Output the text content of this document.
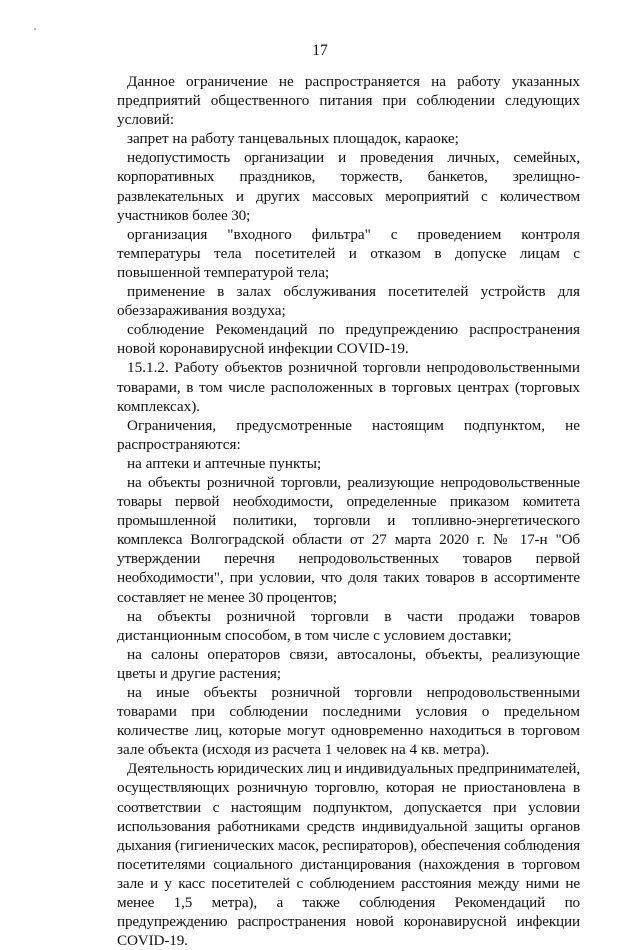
17

Данное ограничение не распространяется на работу указанных предприятий общественного питания при соблюдении следующих условий:

запрет на работу танцевальных площадок, караоке;

недопустимость организации и проведения личных, семейных, корпоративных праздников, торжеств, банкетов, зрелищно-развлекательных и других массовых мероприятий с количеством участников более 30;

организация "входного фильтра" с проведением контроля температуры тела посетителей и отказом в допуске лицам с повышенной температурой тела;

применение в залах обслуживания посетителей устройств для обеззараживания воздуха;

соблюдение Рекомендаций по предупреждению распространения новой коронавирусной инфекции COVID-19.

15.1.2. Работу объектов розничной торговли непродовольственными товарами, в том числе расположенных в торговых центрах (торговых комплексах).

Ограничения, предусмотренные настоящим подпунктом, не распространяются:

на аптеки и аптечные пункты;

на объекты розничной торговли, реализующие непродовольственные товары первой необходимости, определенные приказом комитета промышленной политики, торговли и топливно-энергетического комплекса Волгоградской области от 27 марта 2020 г. № 17-н "Об утверждении перечня непродовольственных товаров первой необходимости", при условии, что доля таких товаров в ассортименте составляет не менее 30 процентов;

на объекты розничной торговли в части продажи товаров дистанционным способом, в том числе с условием доставки;

на салоны операторов связи, автосалоны, объекты, реализующие цветы и другие растения;

на иные объекты розничной торговли непродовольственными товарами при соблюдении последними условия о предельном количестве лиц, которые могут одновременно находиться в торговом зале объекта (исходя из расчета 1 человек на 4 кв. метра).

Деятельность юридических лиц и индивидуальных предпринимателей, осуществляющих розничную торговлю, которая не приостановлена в соответствии с настоящим подпунктом, допускается при условии использования работниками средств индивидуальной защиты органов дыхания (гигиенических масок, респираторов), обеспечения соблюдения посетителями социального дистанцирования (нахождения в торговом зале и у касс посетителей с соблюдением расстояния между ними не менее 1,5 метра), а также соблюдения Рекомендаций по предупреждению распространения новой коронавирусной инфекции COVID-19.
